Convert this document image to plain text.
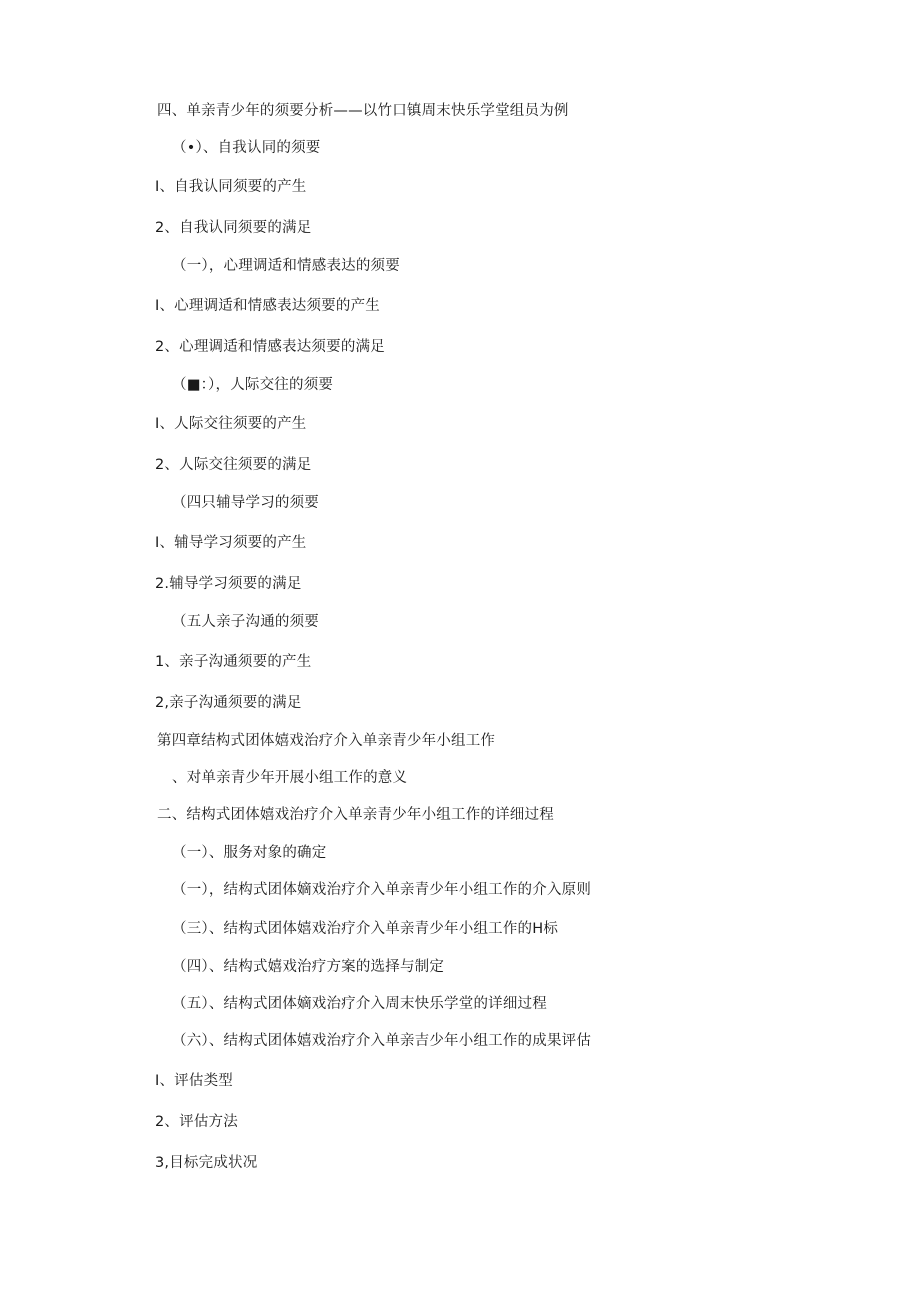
四、单亲青少年的须要分析——以竹口镇周末快乐学堂组员为例
（•）、自我认同的须要
I、自我认同须要的产生
2、自我认同须要的满足
（一），心理调适和情感表达的须要
I、心理调适和情感表达须要的产生
2、心理调适和情感表达须要的满足
（■：），人际交往的须要
I、人际交往须要的产生
2、人际交往须要的满足
（四只辅导学习的须要
I、辅导学习须要的产生
2.辅导学习须要的满足
（五人亲子沟通的须要
1、亲子沟通须要的产生
2,亲子沟通须要的满足
第四章结构式团体嬉戏治疗介入单亲青少年小组工作
、对单亲青少年开展小组工作的意义
二、结构式团体嬉戏治疗介入单亲青少年小组工作的详细过程
（一）、服务对象的确定
（一），结构式团体嫡戏治疗介入单亲青少年小组工作的介入原则
（三）、结构式团体嬉戏治疗介入单亲青少年小组工作的H标
（四）、结构式嬉戏治疗方案的选择与制定
（五）、结构式团体嫡戏治疗介入周末快乐学堂的详细过程
（六）、结构式团体嬉戏治疗介入单亲吉少年小组工作的成果评估
I、评估类型
2、评估方法
3,目标完成状况
